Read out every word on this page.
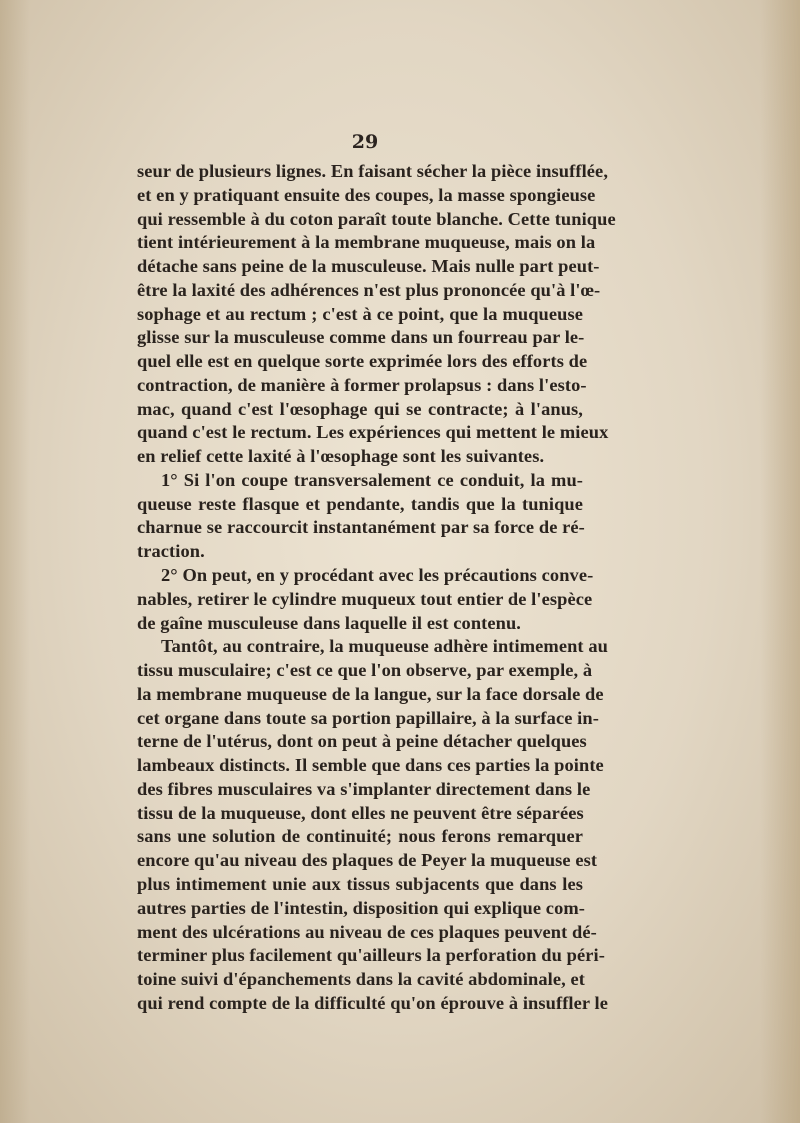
29
seur de plusieurs lignes. En faisant sécher la pièce insufflée,
et en y pratiquant ensuite des coupes, la masse spongieuse
qui ressemble à du coton paraît toute blanche. Cette tunique
tient intérieurement à la membrane muqueuse, mais on la
détache sans peine de la musculeuse. Mais nulle part peut-
être la laxité des adhérences n'est plus prononcée qu'à l'œ-
sophage et au rectum ; c'est à ce point, que la muqueuse
glisse sur la musculeuse comme dans un fourreau par le-
quel elle est en quelque sorte exprimée lors des efforts de
contraction, de manière à former prolapsus : dans l'esto-
mac, quand c'est l'œsophage qui se contracte; à l'anus,
quand c'est le rectum. Les expériences qui mettent le mieux
en relief cette laxité à l'œsophage sont les suivantes.
1° Si l'on coupe transversalement ce conduit, la mu-
queuse reste flasque et pendante, tandis que la tunique
charnue se raccourcit instantanément par sa force de ré-
traction.
2° On peut, en y procédant avec les précautions conve-
nables, retirer le cylindre muqueux tout entier de l'espèce
de gaîne musculeuse dans laquelle il est contenu.
Tantôt, au contraire, la muqueuse adhère intimement au
tissu musculaire; c'est ce que l'on observe, par exemple, à
la membrane muqueuse de la langue, sur la face dorsale de
cet organe dans toute sa portion papillaire, à la surface in-
terne de l'utérus, dont on peut à peine détacher quelques
lambeaux distincts. Il semble que dans ces parties la pointe
des fibres musculaires va s'implanter directement dans le
tissu de la muqueuse, dont elles ne peuvent être séparées
sans une solution de continuité; nous ferons remarquer
encore qu'au niveau des plaques de Peyer la muqueuse est
plus intimement unie aux tissus subjacents que dans les
autres parties de l'intestin, disposition qui explique com-
ment des ulcérations au niveau de ces plaques peuvent dé-
terminer plus facilement qu'ailleurs la perforation du péri-
toine suivi d'épanchements dans la cavité abdominale, et
qui rend compte de la difficulté qu'on éprouve à insuffler le
